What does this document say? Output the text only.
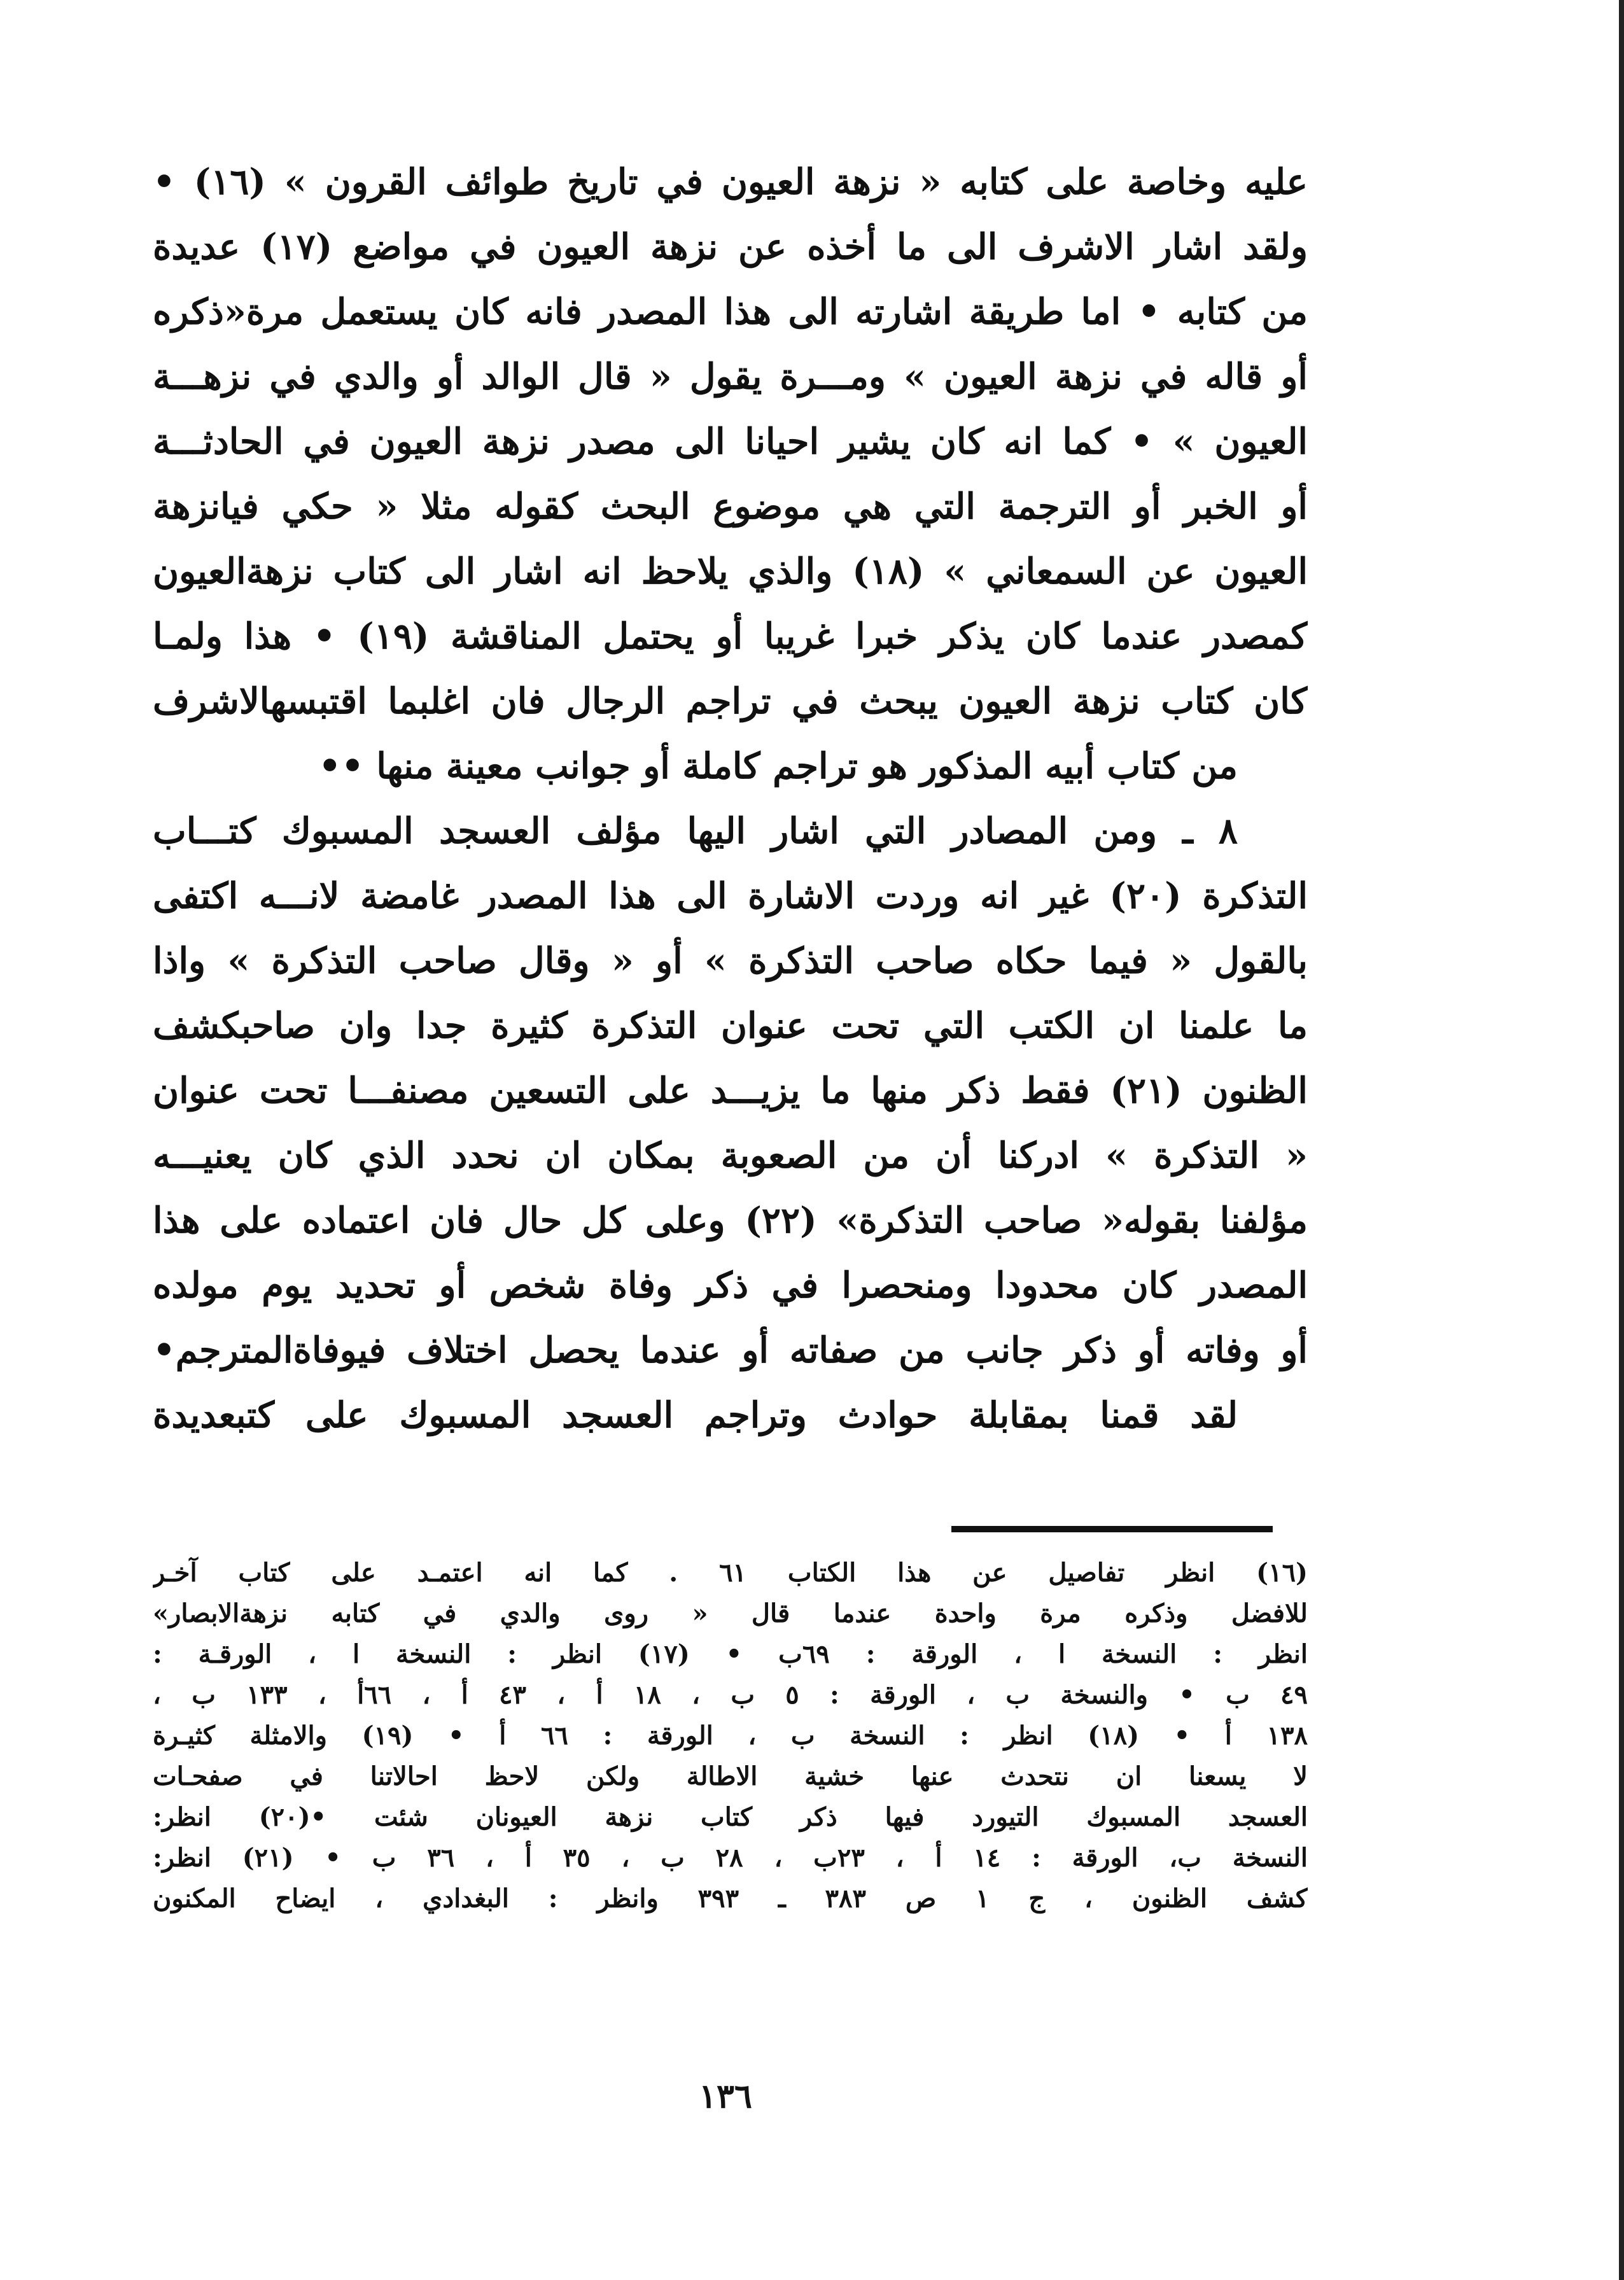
عليه وخاصة على كتابه « نزهة العيون في تاريخ طوائف القرون » (١٦) •
ولقد اشار الاشرف الى ما أخذه عن نزهة العيون في مواضع (١٧) عديدة
من كتابه • اما طريقة اشارته الى هذا المصدر فانه كان يستعمل مرة«ذكره
أو قاله في نزهة العيون » ومـــرة يقول « قال الوالد أو والدي في نزهـــة
العيون » • كما انه كان يشير احيانا الى مصدر نزهة العيون في الحادثـــة
أو الخبر أو الترجمة التي هي موضوع البحث كقوله مثلا « حكي فيانزهة
العيون عن السمعاني » (١٨) والذي يلاحظ انه اشار الى كتاب نزهةالعيون
كمصدر عندما كان يذكر خبرا غريبا أو يحتمل المناقشة (١٩) • هذا ولمـا
كان كتاب نزهة العيون يبحث في تراجم الرجال فان اغلبما اقتبسهالاشرف
من كتاب أبيه المذكور هو تراجم كاملة أو جوانب معينة منها ••
٨ ـ ومن المصادر التي اشار اليها مؤلف العسجد المسبوك كتـــاب
التذكرة (٢٠) غير انه وردت الاشارة الى هذا المصدر غامضة لانـــه اكتفى
بالقول « فيما حكاه صاحب التذكرة » أو « وقال صاحب التذكرة » واذا
ما علمنا ان الكتب التي تحت عنوان التذكرة كثيرة جدا وان صاحبكشف
الظنون (٢١) فقط ذكر منها ما يزيـــد على التسعين مصنفـــا تحت عنوان
« التذكرة » ادركنا أن من الصعوبة بمكان ان نحدد الذي كان يعنيـــه
مؤلفنا بقوله« صاحب التذكرة» (٢٢) وعلى كل حال فان اعتماده على هذا
المصدر كان محدودا ومنحصرا في ذكر وفاة شخص أو تحديد يوم مولده
أو وفاته أو ذكر جانب من صفاته أو عندما يحصل اختلاف فيوفاةالمترجم•
لقد قمنا بمقابلة حوادث وتراجم العسجد المسبوك على كتبعديدة
(١٦) انظر تفاصيل عن هذا الكتاب ٦١ . كما انه اعتمـد على كتاب آخـر
للافضل وذكره مرة واحدة عندما قال « روى والدي في كتابه نزهةالابصار»
انظر : النسخة ا ، الورقة : ٦٩ب • (١٧) انظر : النسخة ا ، الورقـة :
٤٩ ب • والنسخة ب ، الورقة : ٥ ب ، ١٨ أ ، ٤٣ أ ، ٦٦أ ، ١٣٣ ب ،
١٣٨ أ • (١٨) انظر : النسخة ب ، الورقة : ٦٦ أ • (١٩) والامثلة كثيـرة
لا يسعنا ان نتحدث عنها خشية الاطالة ولكن لاحظ احالاتنا في صفحـات
العسجد المسبوك التيورد فيها ذكر كتاب نزهة العيونان شئت •(٢٠) انظر:
النسخة ب، الورقة : ١٤ أ ، ٢٣ب ، ٢٨ ب ، ٣٥ أ ، ٣٦ ب • (٢١) انظر:
كشف الظنون ، ج ١ ص ٣٨٣ ـ ٣٩٣ وانظر : البغدادي ، ايضاح المكنون
١٣٦
